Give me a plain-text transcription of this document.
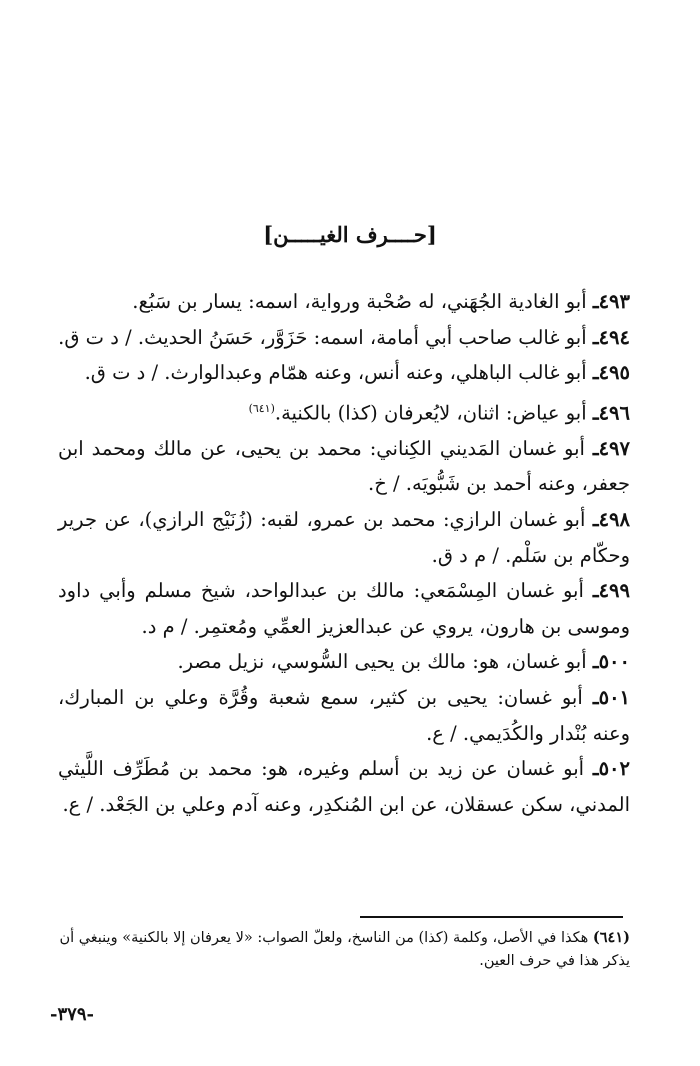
[حــــرف الغيـــــن]

٤٩٣ـ أبو الغادية الجُهَني، له صُحْبة ورواية، اسمه: يسار بن سَبُع.

٤٩٤ـ أبو غالب صاحب أبي أمامة، اسمه: حَزَوَّر، حَسَنُ الحديث. / د ت ق.

٤٩٥ـ أبو غالب الباهلي، وعنه أنس، وعنه همّام وعبدالوارث. / د ت ق.

٤٩٦ـ أبو عياض: اثنان، لايُعرفان (كذا) بالكنية.$^{(٦٤١)}$

٤٩٧ـ أبو غسان المَديني الكِناني: محمد بن يحيى، عن مالك ومحمد ابن جعفر، وعنه أحمد بن شَبُّويَه. / خ.

٤٩٨ـ أبو غسان الرازي: محمد بن عمرو، لقبه: (زُنَيْج الرازي)، عن جرير وحكّام بن سَلْم. / م د ق.

٤٩٩ـ أبو غسان المِسْمَعي: مالك بن عبدالواحد، شيخ مسلم وأبي داود وموسى بن هارون، يروي عن عبدالعزيز العمِّي ومُعتمِر. / م د.

٥٠٠ـ أبو غسان، هو: مالك بن يحيى السُّوسي، نزيل مصر.

٥٠١ـ أبو غسان: يحيى بن كثير، سمع شعبة وقُرَّة وعلي بن المبارك، وعنه بُنْدار والكُدَيمي. / ع.

٥٠٢ـ أبو غسان عن زيد بن أسلم وغيره، هو: محمد بن مُطَرِّف اللَّيثي المدني، سكن عسقلان، عن ابن المُنكدِر، وعنه آدم وعلي بن الجَعْد. / ع.

(٦٤١) هكذا في الأصل، وكلمة (كذا) من الناسخ، ولعلّ الصواب: «لا يعرفان إلا بالكنية» وينبغي أن يذكر هذا في حرف العين.
-٣٧٩-
